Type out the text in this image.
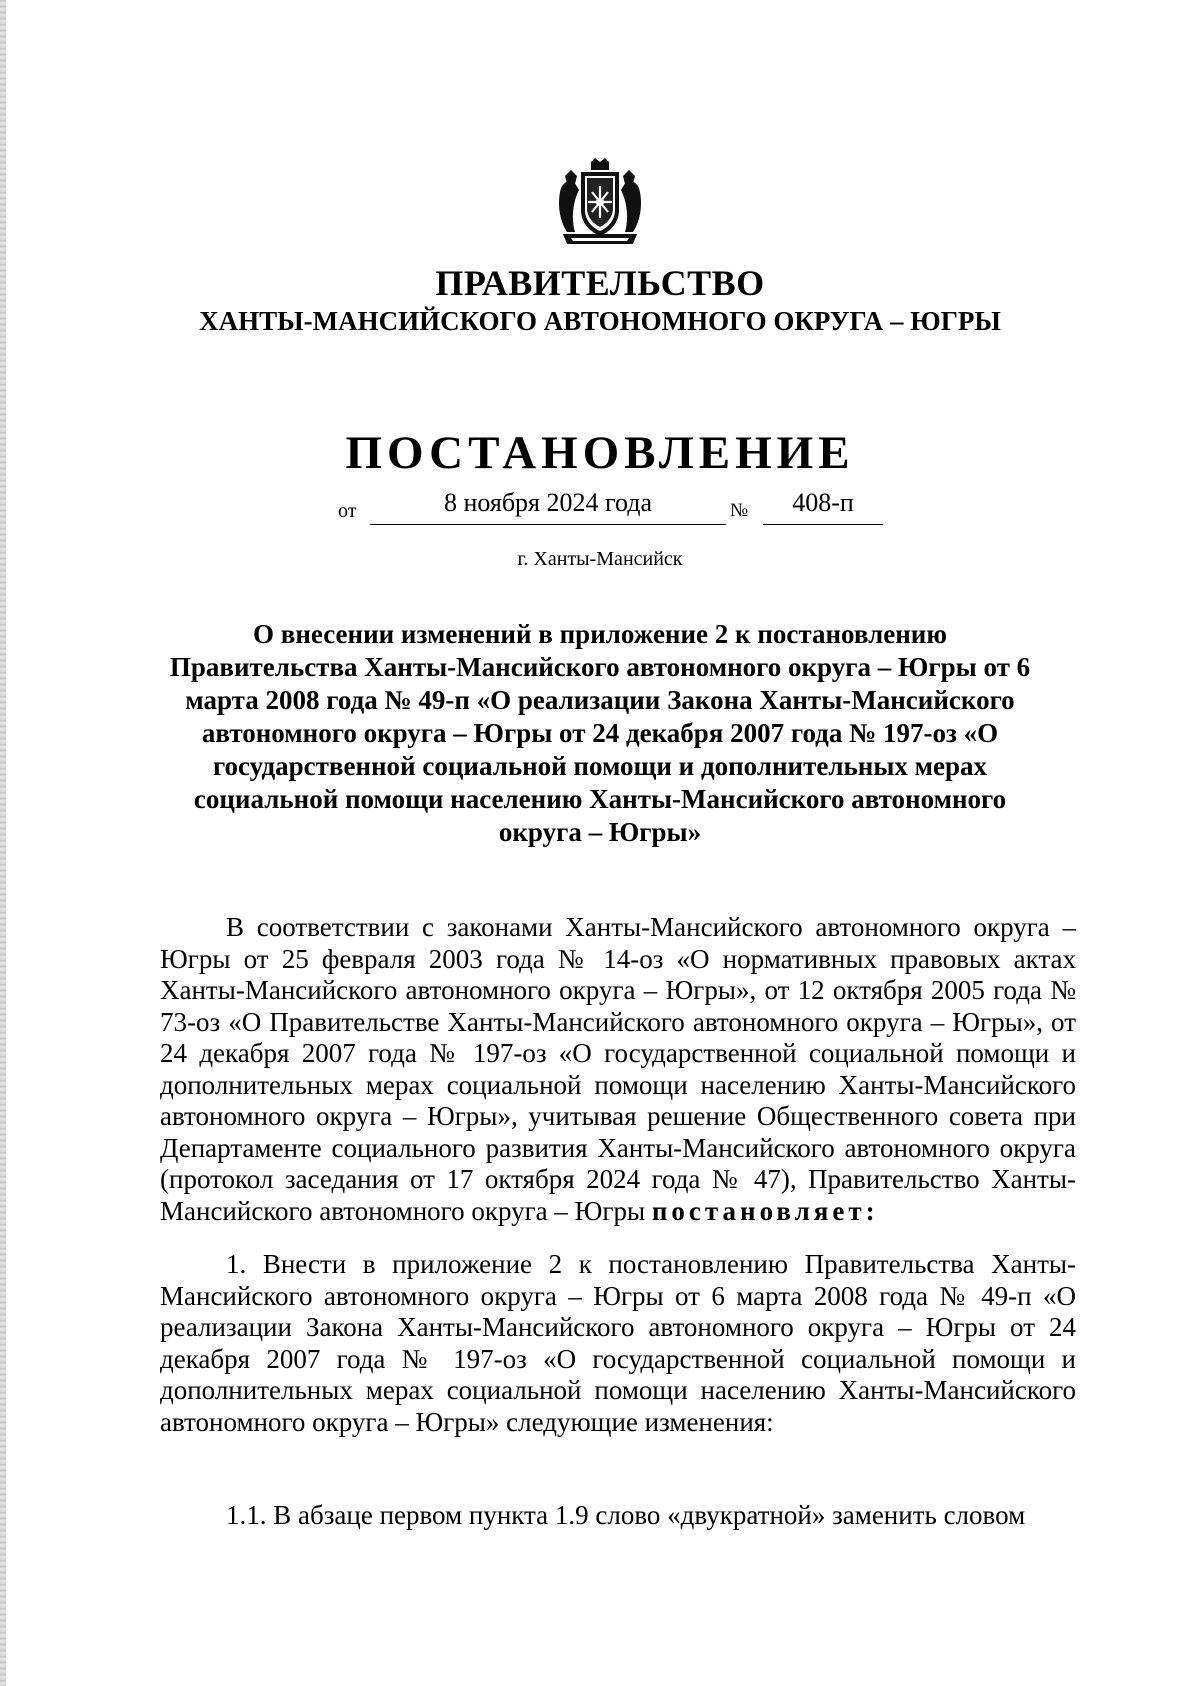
ПРАВИТЕЛЬСТВО
ХАНТЫ-МАНСИЙСКОГО АВТОНОМНОГО ОКРУГА – ЮГРЫ
ПОСТАНОВЛЕНИЕ
от	8 ноября 2024 года	№	408-п
г. Ханты-Мансийск
О внесении изменений в приложение 2 к постановлению Правительства Ханты-Мансийского автономного округа – Югры от 6 марта 2008 года № 49-п «О реализации Закона Ханты-Мансийского автономного округа – Югры от 24 декабря 2007 года № 197-оз «О государственной социальной помощи и дополнительных мерах социальной помощи населению Ханты-Мансийского автономного округа – Югры»

В соответствии с законами Ханты-Мансийского автономного округа – Югры от 25 февраля 2003 года № 14-оз «О нормативных правовых актах Ханты-Мансийского автономного округа – Югры», от 12 октября 2005 года № 73-оз «О Правительстве Ханты-Мансийского автономного округа – Югры», от 24 декабря 2007 года № 197-оз «О государственной социальной помощи и дополнительных мерах социальной помощи населению Ханты-Мансийского автономного округа – Югры», учитывая решение Общественного совета при Департаменте социального развития Ханты-Мансийского автономного округа (протокол заседания от 17 октября 2024 года № 47), Правительство Ханты-Мансийского автономного округа – Югры постановляет:

1. Внести в приложение 2 к постановлению Правительства Ханты-Мансийского автономного округа – Югры от 6 марта 2008 года № 49-п «О реализации Закона Ханты-Мансийского автономного округа – Югры от 24 декабря 2007 года № 197-оз «О государственной социальной помощи и дополнительных мерах социальной помощи населению Ханты-Мансийского автономного округа – Югры» следующие изменения:

1.1. В абзаце первом пункта 1.9 слово «двукратной» заменить словом
